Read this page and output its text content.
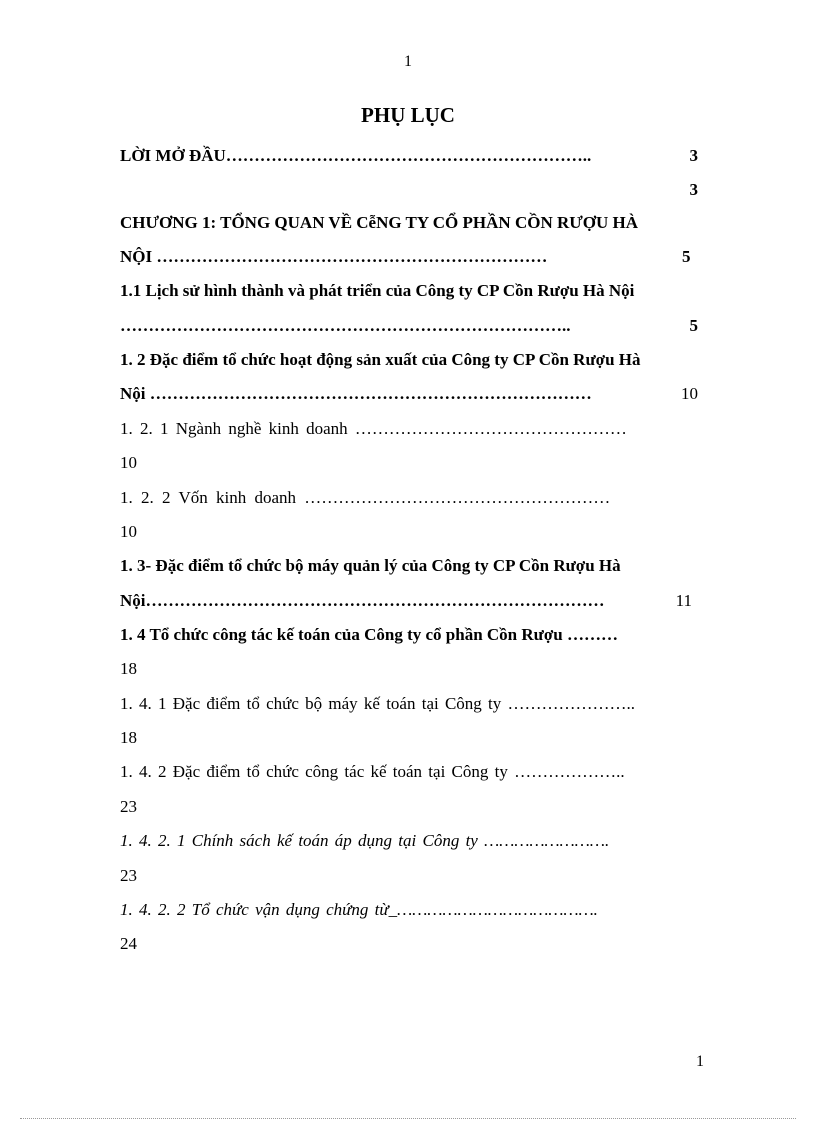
1
PHỤ LỤC
LỜI MỞ ĐẦU………………………………………………………..	3
3
CHƯƠNG 1: TỔNG QUAN VỀ CễNG TY CỔ PHẦN CỒN RƯỢU HÀ
NỘI ……………………………………………………………	5
1.1 Lịch sử hình thành và phát triển của Công ty CP Cồn Rượu Hà Nội
……………………………………………………………………..	5
1. 2 Đặc điểm tổ chức hoạt động sản xuất của Công ty CP Cồn Rượu Hà
Nội ……………………………………………………………………	10
1. 2. 1 Ngành nghề kinh doanh …………………………………………
10
1. 2. 2 Vốn kinh doanh ………………………………………………
10
1. 3- Đặc điểm tổ chức bộ máy quản lý của Công ty CP Cồn Rượu Hà
Nội………………………………………………………………………	11
1. 4 Tổ chức công tác kế toán của Công ty cổ phần Cồn Rượu ………
18
1. 4. 1 Đặc điểm tổ chức bộ máy kế toán tại Công ty …………………..
18
1. 4. 2 Đặc điểm tổ chức công tác kế toán tại Công ty ………………..
23
1. 4. 2. 1 Chính sách kế toán áp dụng tại Công ty …………………….
23
1. 4. 2. 2 Tổ chức vận dụng chứng từ_………………………………….
24
1
